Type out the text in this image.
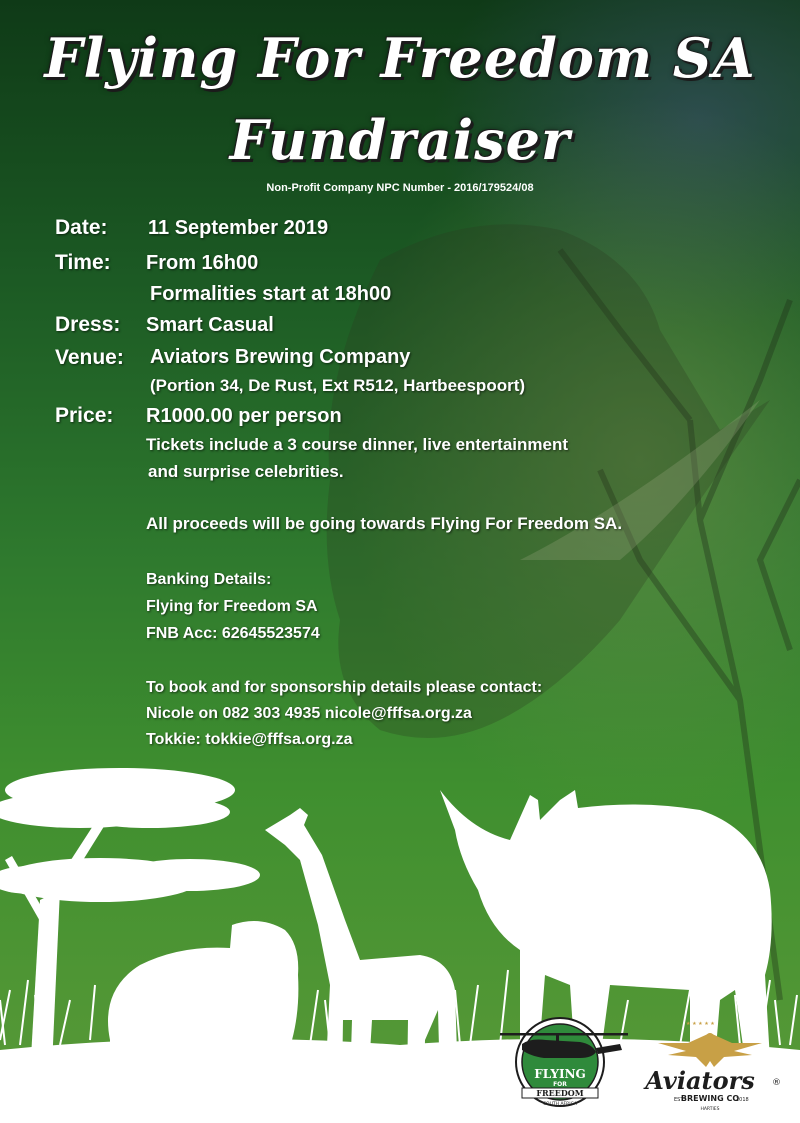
Flying For Freedom SA
Fundraiser
Non-Profit Company NPC Number - 2016/179524/08
Date: 11 September 2019
Time: From 16h00
Formalities start at 18h00
Dress: Smart Casual
Venue: Aviators Brewing Company
(Portion 34, De Rust, Ext R512, Hartbeespoort)
Price: R1000.00 per person
Tickets include a 3 course dinner, live entertainment
and surprise celebrities.
All proceeds will be going towards Flying For Freedom SA.
Banking Details:
Flying for Freedom SA
FNB Acc: 62645523574
To book and for sponsorship details please contact:
Nicole on 082 303 4935 nicole@fffsa.org.za
Tokkie: tokkie@fffsa.org.za
FLYING
FOR
FREEDOM
SOUTH AFRICA
★ ★ ★ ★ ★
Aviators ®
EST
BREWING CO
2018
HARTIES
